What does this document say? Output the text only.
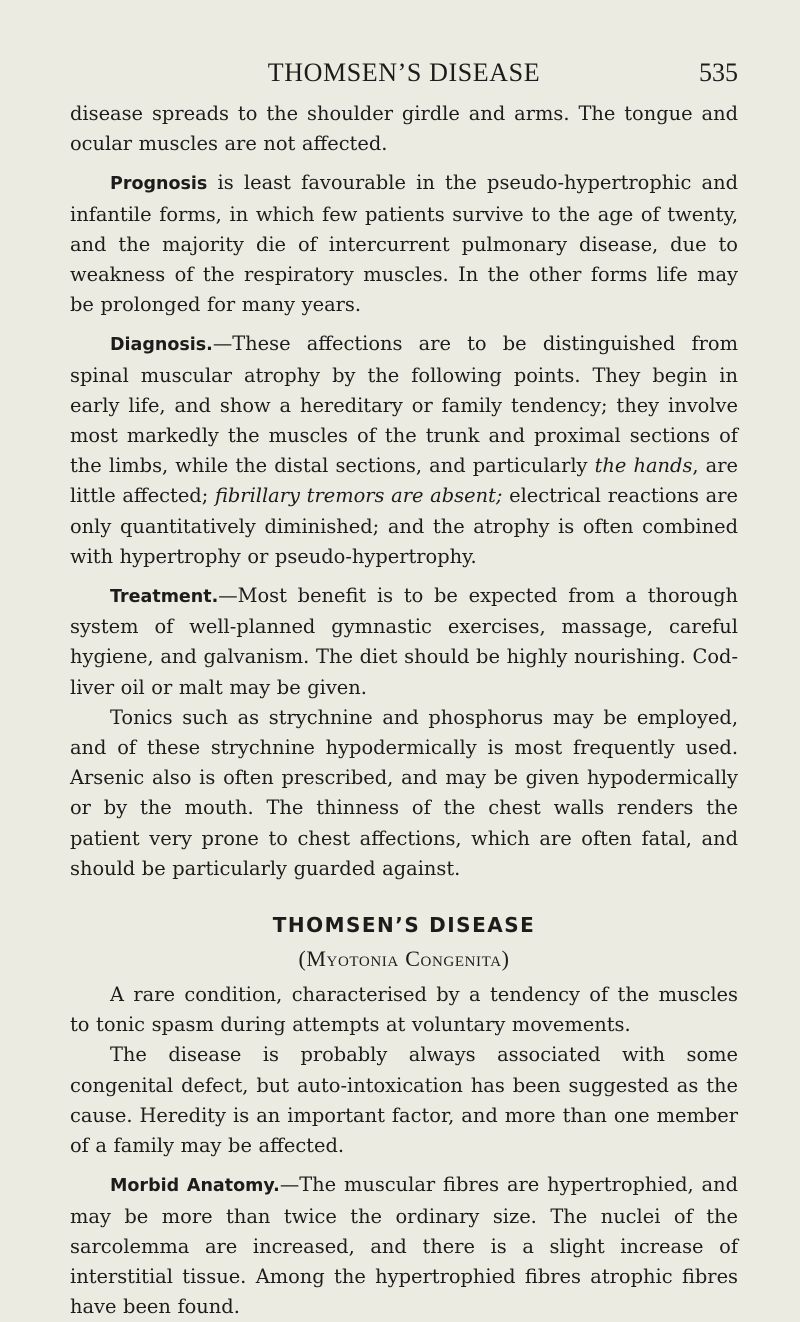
THOMSEN’S DISEASE	535

disease spreads to the shoulder girdle and arms. The tongue and ocular muscles are not affected.

Prognosis is least favourable in the pseudo-hypertrophic and infantile forms, in which few patients survive to the age of twenty, and the majority die of intercurrent pulmonary disease, due to weakness of the respiratory muscles. In the other forms life may be prolonged for many years.

Diagnosis.—These affections are to be distinguished from spinal muscular atrophy by the following points. They begin in early life, and show a hereditary or family tendency; they involve most markedly the muscles of the trunk and proximal sections of the limbs, while the distal sections, and particularly the hands, are little affected; fibrillary tremors are absent; electrical reactions are only quantitatively diminished; and the atrophy is often combined with hypertrophy or pseudo-hypertrophy.

Treatment.—Most benefit is to be expected from a thorough system of well-planned gymnastic exercises, massage, careful hygiene, and galvanism. The diet should be highly nourishing. Cod-liver oil or malt may be given.

Tonics such as strychnine and phosphorus may be employed, and of these strychnine hypodermically is most frequently used. Arsenic also is often prescribed, and may be given hypodermically or by the mouth. The thinness of the chest walls renders the patient very prone to chest affections, which are often fatal, and should be particularly guarded against.

THOMSEN’S DISEASE
(Myotonia Congenita)

A rare condition, characterised by a tendency of the muscles to tonic spasm during attempts at voluntary movements.

The disease is probably always associated with some congenital defect, but auto-intoxication has been suggested as the cause. Heredity is an important factor, and more than one member of a family may be affected.

Morbid Anatomy.—The muscular fibres are hypertrophied, and may be more than twice the ordinary size. The nuclei of the sarcolemma are increased, and there is a slight increase of interstitial tissue. Among the hypertrophied fibres atrophic fibres have been found.
